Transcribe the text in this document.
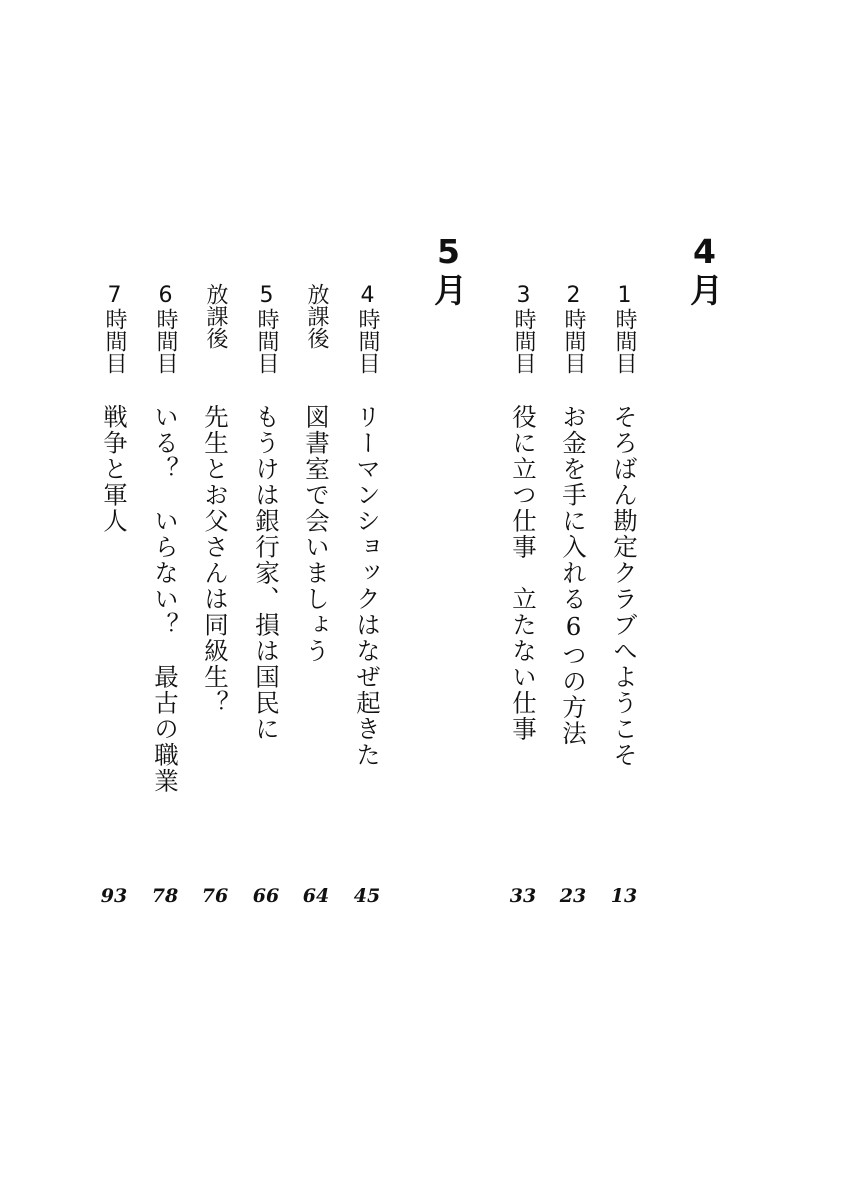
4月
1時間目
そろばん勘定クラブへようこそ
13
2時間目
お金を手に入れる6つの方法
23
3時間目
役に立つ仕事　立たない仕事
33
5月
4時間目
リーマンショックはなぜ起きた
45
放課後
図書室で会いましょう
64
5時間目
もうけは銀行家、損は国民に
66
放課後
先生とお父さんは同級生？
76
6時間目
いる？　いらない？　最古の職業
78
7時間目
戦争と軍人
93
